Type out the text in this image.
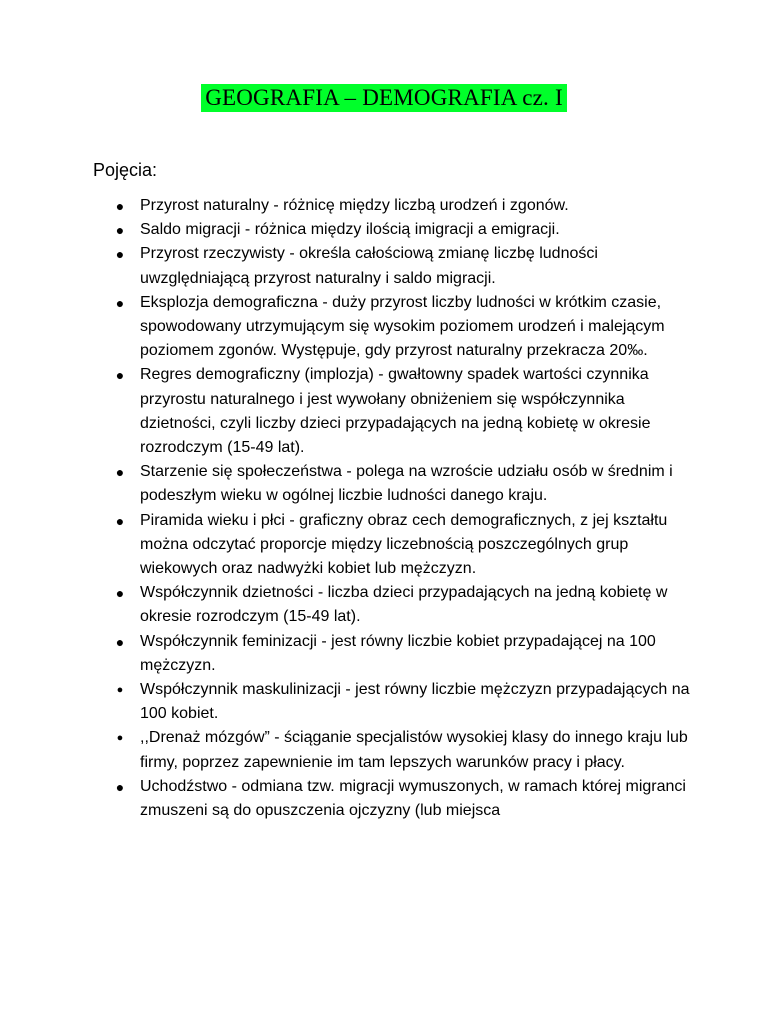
GEOGRAFIA – DEMOGRAFIA cz. I
Pojęcia:
● Przyrost naturalny - różnicę między liczbą urodzeń i zgonów.
● Saldo migracji - różnica między ilością imigracji a emigracji.
● Przyrost rzeczywisty - określa całościową zmianę liczbę ludności uwzględniającą przyrost naturalny i saldo migracji.
● Eksplozja demograficzna - duży przyrost liczby ludności w krótkim czasie, spowodowany utrzymującym się wysokim poziomem urodzeń i malejącym poziomem zgonów. Występuje, gdy przyrost naturalny przekracza 20‰.
● Regres demograficzny (implozja) - gwałtowny spadek wartości czynnika przyrostu naturalnego i jest wywołany obniżeniem się współczynnika dzietności, czyli liczby dzieci przypadających na jedną kobietę w okresie rozrodczym (15-49 lat).
● Starzenie się społeczeństwa - polega na wzroście udziału osób w średnim i podeszłym wieku w ogólnej liczbie ludności danego kraju.
● Piramida wieku i płci - graficzny obraz cech demograficznych, z jej kształtu można odczytać proporcje między liczebnością poszczególnych grup wiekowych oraz nadwyżki kobiet lub mężczyzn.
● Współczynnik dzietności - liczba dzieci przypadających na jedną kobietę w okresie rozrodczym (15-49 lat).
● Współczynnik feminizacji - jest równy liczbie kobiet przypadającej na 100 mężczyzn.
● Współczynnik maskulinizacji - jest równy liczbie mężczyzn przypadających na 100 kobiet.
● ,,Drenaż mózgów” - ściąganie specjalistów wysokiej klasy do innego kraju lub firmy, poprzez zapewnienie im tam lepszych warunków pracy i płacy.
● Uchodźstwo - odmiana tzw. migracji wymuszonych, w ramach której migranci zmuszeni są do opuszczenia ojczyzny (lub miejsca
